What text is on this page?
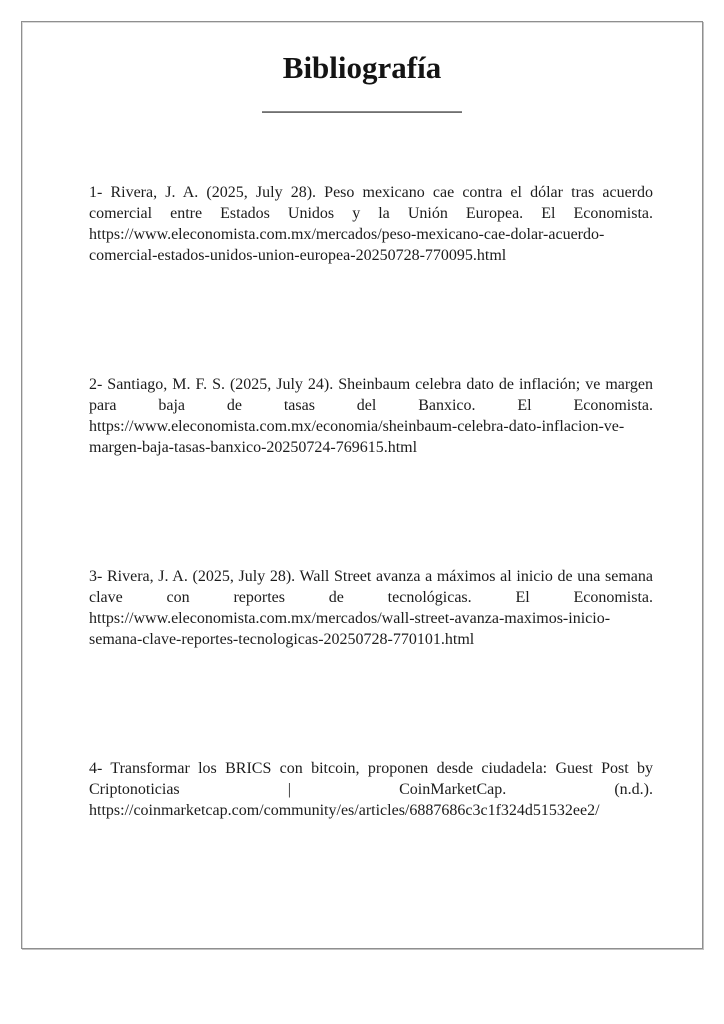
Bibliografía

1- Rivera, J. A. (2025, July 28). Peso mexicano cae contra el dólar tras acuerdo comercial entre Estados Unidos y la Unión Europea. El Economista. https://www.eleconomista.com.mx/mercados/peso-mexicano-cae-dolar-acuerdo-comercial-estados-unidos-union-europea-20250728-770095.html

2- Santiago, M. F. S. (2025, July 24). Sheinbaum celebra dato de inflación; ve margen para baja de tasas del Banxico. El Economista. https://www.eleconomista.com.mx/economia/sheinbaum-celebra-dato-inflacion-ve-margen-baja-tasas-banxico-20250724-769615.html

3- Rivera, J. A. (2025, July 28). Wall Street avanza a máximos al inicio de una semana clave con reportes de tecnológicas. El Economista. https://www.eleconomista.com.mx/mercados/wall-street-avanza-maximos-inicio-semana-clave-reportes-tecnologicas-20250728-770101.html

4- Transformar los BRICS con bitcoin, proponen desde ciudadela: Guest Post by Criptonoticias | CoinMarketCap. (n.d.). https://coinmarketcap.com/community/es/articles/6887686c3c1f324d51532ee2/
